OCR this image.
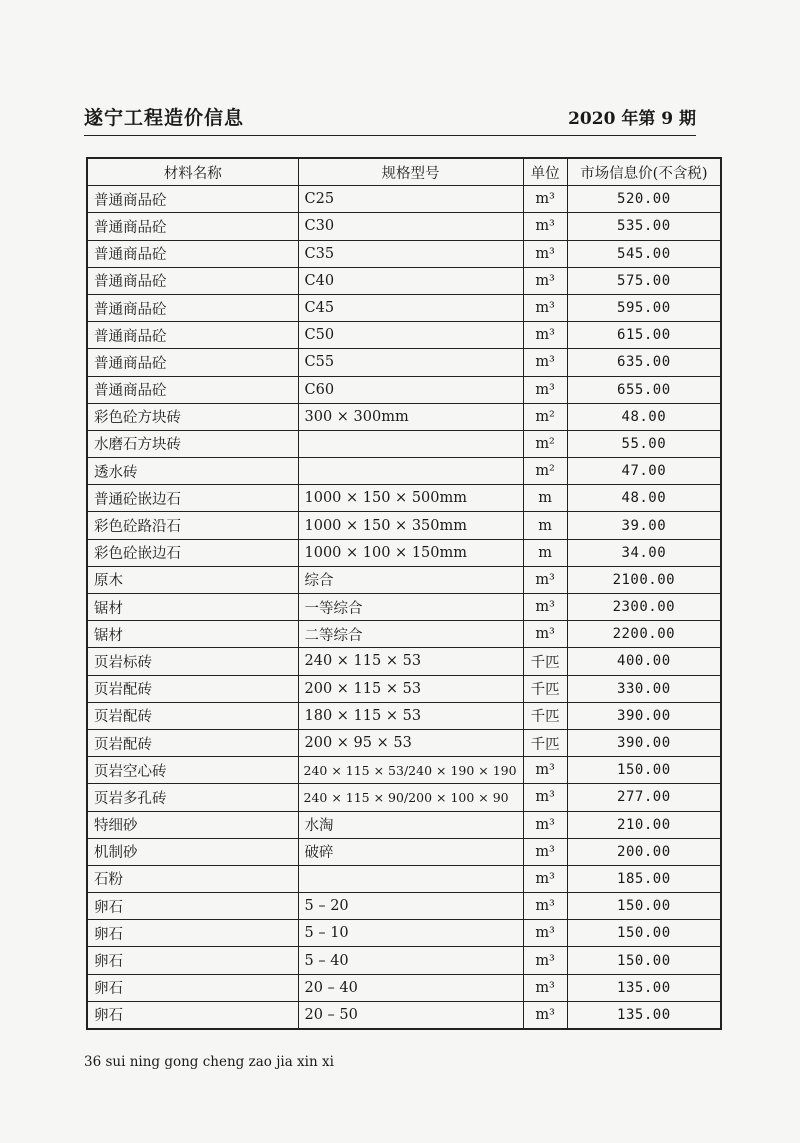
遂宁工程造价信息	2020 年第 9 期
材料名称	规格型号	单位	市场信息价(不含税)
普通商品砼	C25	m³	520.00
普通商品砼	C30	m³	535.00
普通商品砼	C35	m³	545.00
普通商品砼	C40	m³	575.00
普通商品砼	C45	m³	595.00
普通商品砼	C50	m³	615.00
普通商品砼	C55	m³	635.00
普通商品砼	C60	m³	655.00
彩色砼方块砖	300 × 300mm	m²	48.00
水磨石方块砖		m²	55.00
透水砖		m²	47.00
普通砼嵌边石	1000 × 150 × 500mm	m	48.00
彩色砼路沿石	1000 × 150 × 350mm	m	39.00
彩色砼嵌边石	1000 × 100 × 150mm	m	34.00
原木	综合	m³	2100.00
锯材	一等综合	m³	2300.00
锯材	二等综合	m³	2200.00
页岩标砖	240 × 115 × 53	千匹	400.00
页岩配砖	200 × 115 × 53	千匹	330.00
页岩配砖	180 × 115 × 53	千匹	390.00
页岩配砖	200 × 95 × 53	千匹	390.00
页岩空心砖	240 × 115 × 53/240 × 190 × 190	m³	150.00
页岩多孔砖	240 × 115 × 90/200 × 100 × 90	m³	277.00
特细砂	水淘	m³	210.00
机制砂	破碎	m³	200.00
石粉		m³	185.00
卵石	5 – 20	m³	150.00
卵石	5 – 10	m³	150.00
卵石	5 – 40	m³	150.00
卵石	20 – 40	m³	135.00
卵石	20 – 50	m³	135.00
36 sui ning gong cheng zao jia xin xi
